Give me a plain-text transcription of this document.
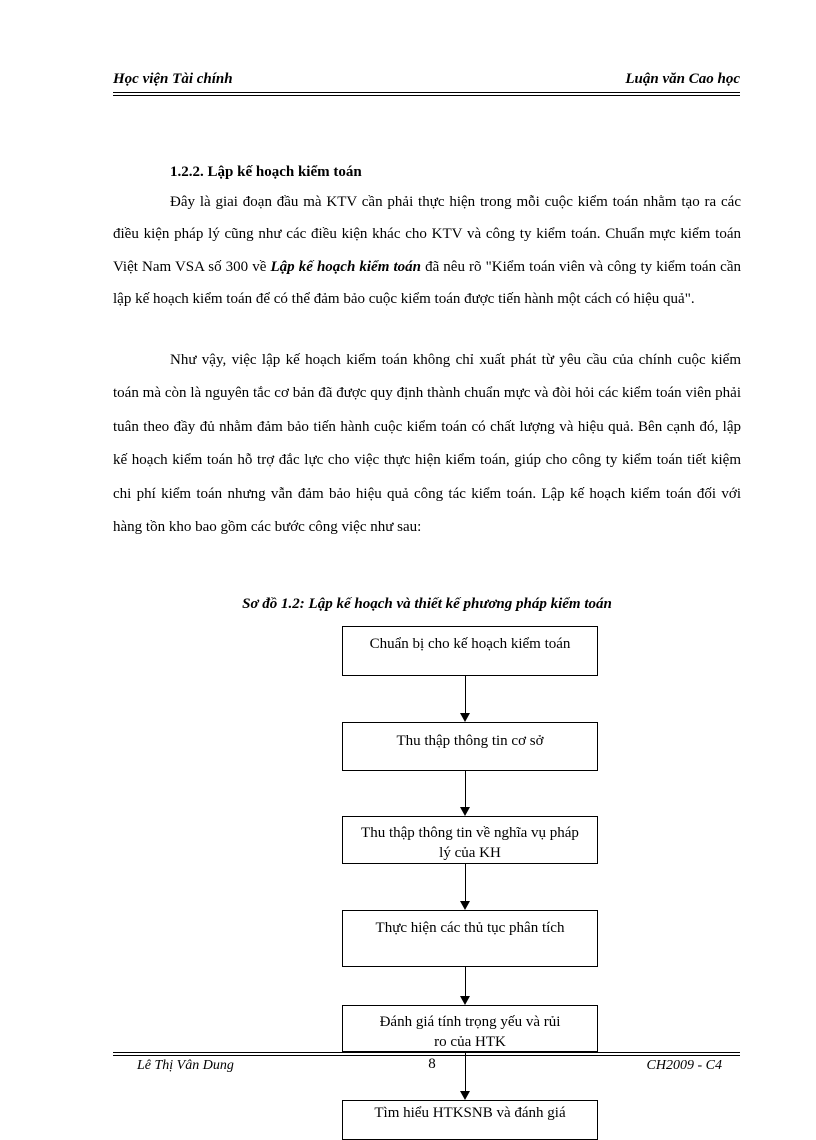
Học viện Tài chính	Luận văn Cao học
1.2.2. Lập kế hoạch kiểm toán

Đây là giai đoạn đầu mà KTV cần phải thực hiện trong mỗi cuộc kiểm toán nhằm tạo ra các điều kiện pháp lý cũng như các điều kiện khác cho KTV và công ty kiểm toán. Chuẩn mực kiểm toán Việt Nam VSA số 300 về Lập kế hoạch kiểm toán đã nêu rõ "Kiểm toán viên và công ty kiểm toán cần lập kế hoạch kiểm toán để có thể đảm bảo cuộc kiểm toán được tiến hành một cách có hiệu quả".

Như vậy, việc lập kế hoạch kiểm toán không chỉ xuất phát từ yêu cầu của chính cuộc kiểm toán mà còn là nguyên tắc cơ bản đã được quy định thành chuẩn mực và đòi hỏi các kiểm toán viên phải tuân theo đầy đủ nhằm đảm bảo tiến hành cuộc kiểm toán có chất lượng và hiệu quả. Bên cạnh đó, lập kế hoạch kiểm toán hỗ trợ đắc lực cho việc thực hiện kiểm toán, giúp cho công ty kiểm toán tiết kiệm chi phí kiểm toán nhưng vẫn đảm bảo hiệu quả công tác kiểm toán. Lập kế hoạch kiểm toán đối với hàng tồn kho bao gồm các bước công việc như sau:

Sơ đồ 1.2: Lập kế hoạch và thiết kế phương pháp kiểm toán
Chuẩn bị cho kế hoạch kiểm toán
Thu thập thông tin cơ sở
Thu thập thông tin về nghĩa vụ pháp lý của KH
Thực hiện các thủ tục phân tích
Đánh giá tính trọng yếu và rủi ro của HTK
Tìm hiểu HTKSNB và đánh giá
Lê Thị Vân Dung	8	CH2009 - C4
